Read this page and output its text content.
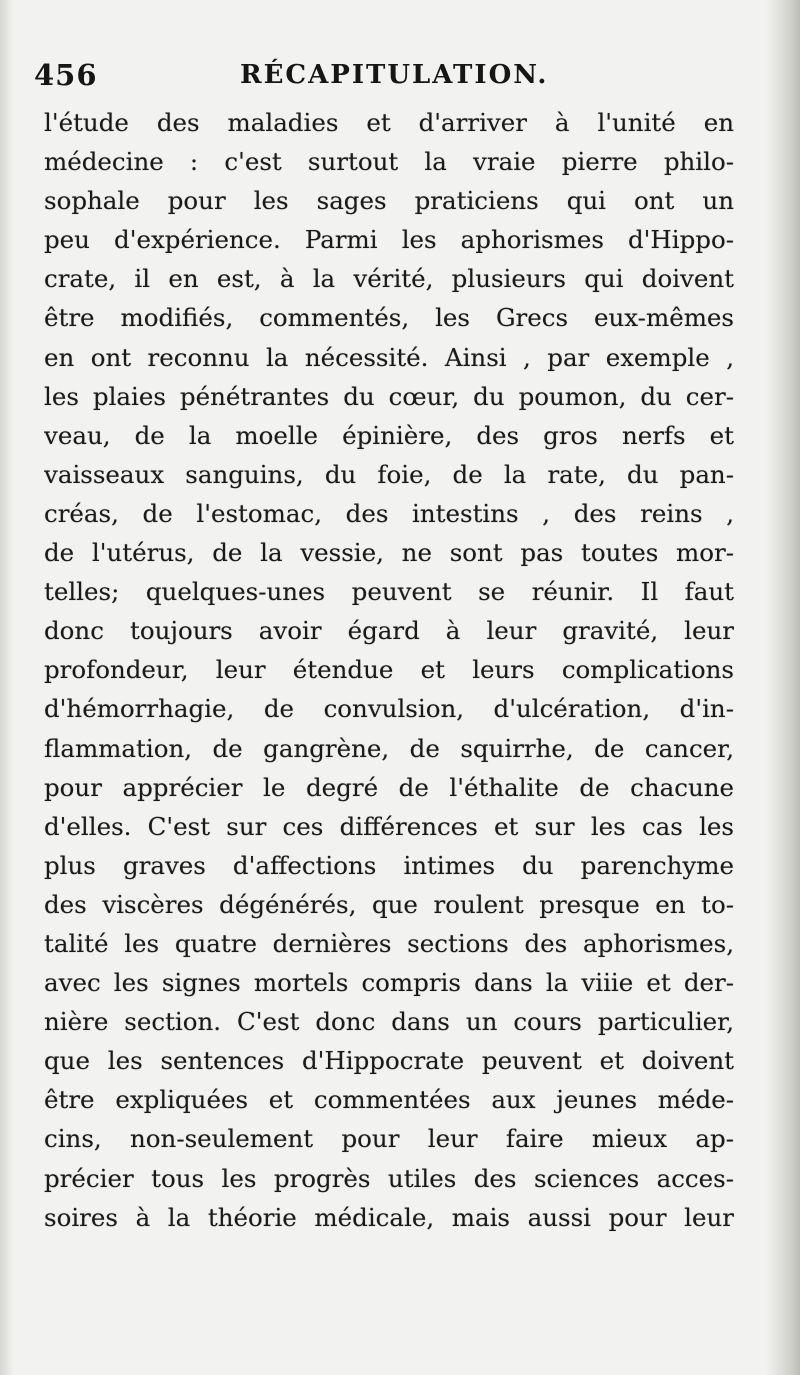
456	RÉCAPITULATION.
l'étude des maladies et d'arriver à l'unité en
médecine : c'est surtout la vraie pierre philo-
sophale pour les sages praticiens qui ont un
peu d'expérience. Parmi les aphorismes d'Hippo-
crate, il en est, à la vérité, plusieurs qui doivent
être modifiés, commentés, les Grecs eux-mêmes
en ont reconnu la nécessité. Ainsi , par exemple ,
les plaies pénétrantes du cœur, du poumon, du cer-
veau, de la moelle épinière, des gros nerfs et
vaisseaux sanguins, du foie, de la rate, du pan-
créas, de l'estomac, des intestins , des reins ,
de l'utérus, de la vessie, ne sont pas toutes mor-
telles; quelques-unes peuvent se réunir. Il faut
donc toujours avoir égard à leur gravité, leur
profondeur, leur étendue et leurs complications
d'hémorrhagie, de convulsion, d'ulcération, d'in-
flammation, de gangrène, de squirrhe, de cancer,
pour apprécier le degré de l'éthalite de chacune
d'elles. C'est sur ces différences et sur les cas les
plus graves d'affections intimes du parenchyme
des viscères dégénérés, que roulent presque en to-
talité les quatre dernières sections des aphorismes,
avec les signes mortels compris dans la viiie et der-
nière section. C'est donc dans un cours particulier,
que les sentences d'Hippocrate peuvent et doivent
être expliquées et commentées aux jeunes méde-
cins, non-seulement pour leur faire mieux ap-
précier tous les progrès utiles des sciences acces-
soires à la théorie médicale, mais aussi pour leur
